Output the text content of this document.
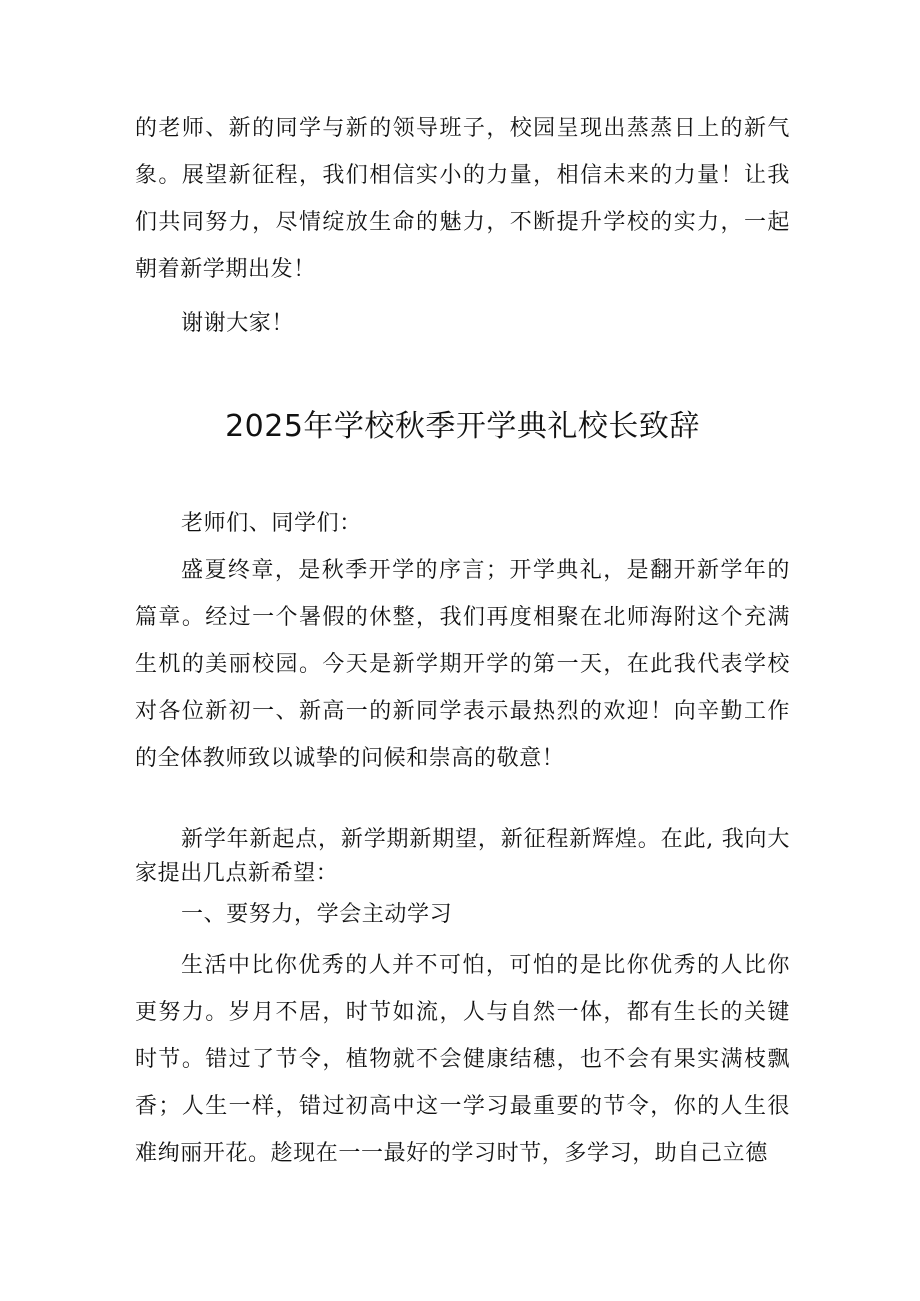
的老师、新的同学与新的领导班子，校园呈现出蒸蒸日上的新气象。展望新征程，我们相信实小的力量，相信未来的力量！让我们共同努力，尽情绽放生命的魅力，不断提升学校的实力，一起朝着新学期出发！

谢谢大家！

2025年学校秋季开学典礼校长致辞

老师们、同学们：

盛夏终章，是秋季开学的序言；开学典礼，是翻开新学年的篇章。经过一个暑假的休整，我们再度相聚在北师海附这个充满生机的美丽校园。今天是新学期开学的第一天，在此我代表学校对各位新初一、新高一的新同学表示最热烈的欢迎！向辛勤工作的全体教师致以诚挚的问候和崇高的敬意！

新学年新起点，新学期新期望，新征程新辉煌。在此, 我向大家提出几点新希望：

一、要努力，学会主动学习

生活中比你优秀的人并不可怕，可怕的是比你优秀的人比你更努力。岁月不居，时节如流，人与自然一体，都有生长的关键时节。错过了节令，植物就不会健康结穗，也不会有果实满枝飘香；人生一样，错过初高中这一学习最重要的节令，你的人生很难绚丽开花。趁现在一一最好的学习时节，多学习，助自己立德
